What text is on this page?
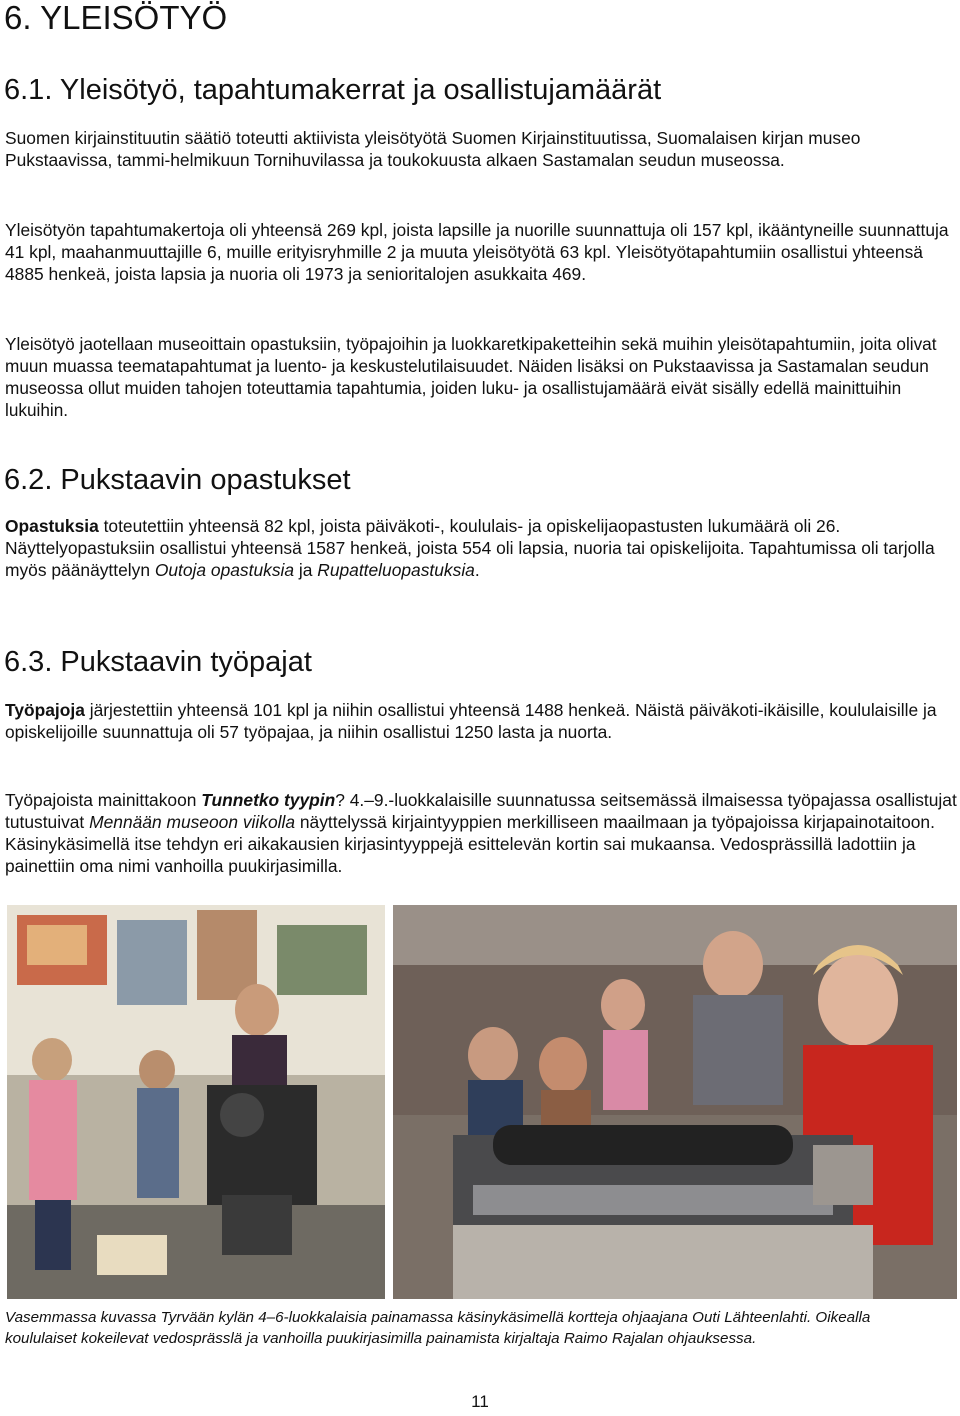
6. YLEISÖTYÖ
6.1. Yleisötyö, tapahtumakerrat ja osallistujamäärät

Suomen kirjainstituutin säätiö toteutti aktiivista yleisötyötä Suomen Kirjainstituutissa, Suomalaisen kirjan museo Pukstaavissa, tammi-helmikuun Tornihuvilassa ja toukokuusta alkaen Sastamalan seudun museossa.

Yleisötyön tapahtumakertoja oli yhteensä 269 kpl, joista lapsille ja nuorille suunnattuja oli 157 kpl, ikääntyneille suunnattuja 41 kpl, maahanmuuttajille 6, muille erityisryhmille 2 ja muuta yleisötyötä 63 kpl. Yleisötyötapahtumiin osallistui yhteensä 4885 henkeä, joista lapsia ja nuoria oli 1973 ja senioritalojen asukkaita 469.

Yleisötyö jaotellaan museoittain opastuksiin, työpajoihin ja luokkaretkipaketteihin sekä muihin yleisötapahtumiin, joita olivat muun muassa teematapahtumat ja luento- ja keskustelutilaisuudet. Näiden lisäksi on Pukstaavissa ja Sastamalan seudun museossa ollut muiden tahojen toteuttamia tapahtumia, joiden luku- ja osallistujamäärä eivät sisälly edellä mainittuihin lukuihin.

6.2. Pukstaavin opastukset

Opastuksia toteutettiin yhteensä 82 kpl, joista päiväkoti-, koululais- ja opiskelijaopastusten lukumäärä oli 26. Näyttelyopastuksiin osallistui yhteensä 1587 henkeä, joista 554 oli lapsia, nuoria tai opiskelijoita. Tapahtumissa oli tarjolla myös päänäyttelyn Outoja opastuksia ja Rupatteluopastuksia.

6.3. Pukstaavin työpajat

Työpajoja järjestettiin yhteensä 101 kpl ja niihin osallistui yhteensä 1488 henkeä. Näistä päiväkoti-ikäisille, koululaisille ja opiskelijoille suunnattuja oli 57 työpajaa, ja niihin osallistui 1250 lasta ja nuorta.

Työpajoista mainittakoon Tunnetko tyypin? 4.–9.-luokkalaisille suunnatussa seitsemässä ilmaisessa työpajassa osallistujat tutustuivat Mennään museoon viikolla näyttelyssä kirjaintyyppien merkilliseen maailmaan ja työpajoissa kirjapainotaitoon. Käsinykäsimellä itse tehdyn eri aikakausien kirjasintyyppejä esittelevän kortin sai mukaansa. Vedosprässillä ladottiin ja painettiin oma nimi vanhoilla puukirjasimilla.

Vasemmassa kuvassa Tyrvään kylän 4–6-luokkalaisia painamassa käsinykäsimellä kortteja ohjaajana Outi Lähteenlahti. Oikealla koululaiset kokeilevat vedosprässlä ja vanhoilla puukirjasimilla painamista kirjaltaja Raimo Rajalan ohjauksessa.

11
